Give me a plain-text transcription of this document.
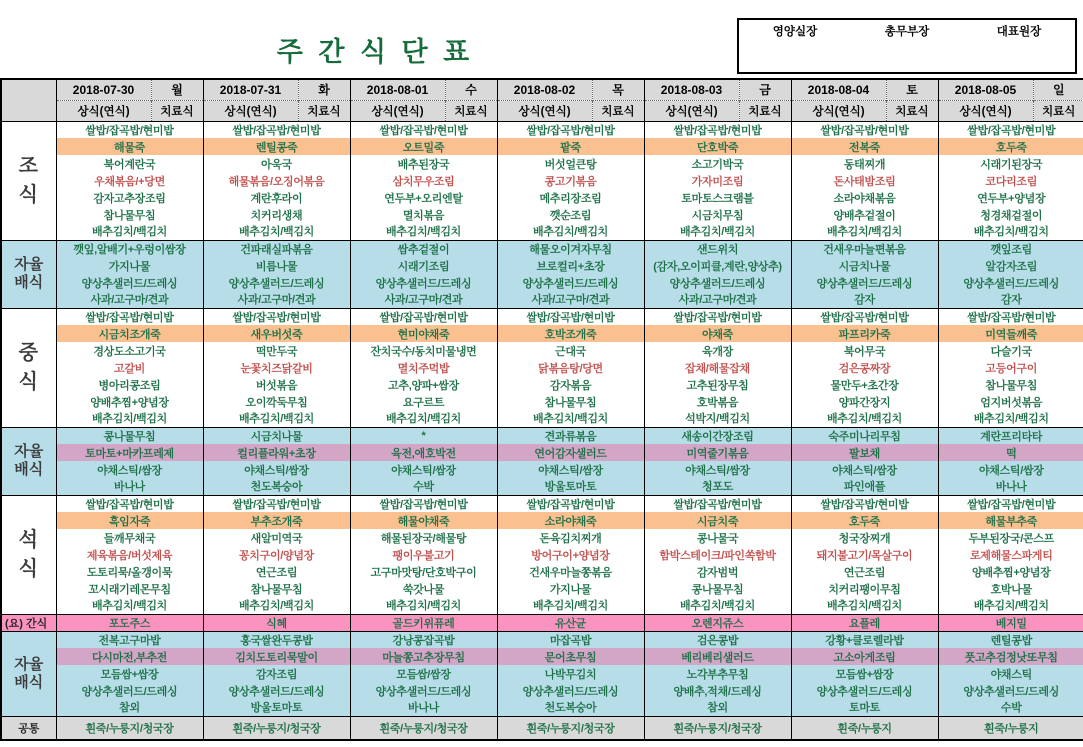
주 간 식 단 표
영양실장	총무부장	대표원장
	2018-07-30	월	2018-07-31	화	2018-08-01	수	2018-08-02	목	2018-08-03	금	2018-08-04	토	2018-08-05	일
	상식(연식)	치료식	상식(연식)	치료식	상식(연식)	치료식	상식(연식)	치료식	상식(연식)	치료식	상식(연식)	치료식	상식(연식)	치료식

조
식	쌀밥/잡곡밥/현미밥		쌀밥/잡곡밥/현미밥		쌀밥/잡곡밥/현미밥		쌀밥/잡곡밥/현미밥		쌀밥/잡곡밥/현미밥		쌀밥/잡곡밥/현미밥		쌀밥/잡곡밥/현미밥	
	해물죽		렌틸콩죽		오트밀죽		팥죽		단호박죽		전복죽		호두죽	
	북어계란국		아욱국		배추된장국		버섯얼큰탕		소고기박국		동태찌개		시래기된장국	
	우채볶음/+당면		해물볶음/오징어볶음		삼치무우조림		콩고기볶음		가자미조림		돈사태밤조림		코다리조림	
	감자고추장조림		계란후라이		연두부+오리엔탈		메추리장조림		토마토스크램블		소라야채볶음		연두부+양념장	
	참나물무침		치커리생채		멸치볶음		깻순조림		시금치무침		양배추겉절이		청경채겉절이	
	배추김치/백김치		배추김치/백김치		배추김치/백김치		배추김치/백김치		배추김치/백김치		배추김치/백김치		배추김치/백김치	

자율
배식	깻잎,알배기+우렁이쌈장		건파래실파볶음		쌈추겉절이		해물오이겨자무침		샌드위치		건새우마늘편볶음		깻잎조림	
	가지나물		비름나물		시래기조림		브로컬리+초장		(감자,오이피클,계란,양상추)		시금치나물		알감자조림	
	양상추샐러드/드레싱		양상추샐러드/드레싱		양상추샐러드/드레싱		양상추샐러드/드레싱		양상추샐러드/드레싱		양상추샐러드/드레싱		양상추샐러드/드레싱	
	사과/고구마/견과		사과/고구마/견과		사과/고구마/견과		사과/고구마/견과		사과/고구마/견과		감자		감자	

중
식	쌀밥/잡곡밥/현미밥		쌀밥/잡곡밥/현미밥		쌀밥/잡곡밥/현미밥		쌀밥/잡곡밥/현미밥		쌀밥/잡곡밥/현미밥		쌀밥/잡곡밥/현미밥		쌀밥/잡곡밥/현미밥	
	시금치조개죽		새우버섯죽		현미야채죽		호박조개죽		야채죽		파프리카죽		미역들깨죽	
	경상도소고기국		떡만두국		잔치국수/동치미물냉면		근대국		육개장		북어무국		다슬기국	
	고갈비		눈꽃치즈닭갈비		멸치주먹밥		닭볶음탕/당면		잡채/해물잡채		검은콩짜장		고등어구이	
	병아리콩조림		버섯볶음		고추,양파+쌈장		감자볶음		고추된장무침		물만두+초간장		참나물무침	
	양배추찜+양념장		오이깍둑무침		요구르트		참나물무침		호박볶음		양파간장지		엄지버섯볶음	
	배추김치/백김치		배추김치/백김치		배추김치/백김치		배추김치/백김치		석박지/백김치		배추김치/백김치		배추김치/백김치	

자율
배식	콩나물무침		시금치나물		*		견과류볶음		새송이간장조림		숙주미나리무침		계란프리타타	
	토마토+마카프레제		컬리플라워+초장		육전,애호박전		연어감자샐러드		미역줄기볶음		팔보채		떡	
	야채스틱/쌈장		야채스틱/쌈장		야채스틱/쌈장		야채스틱/쌈장		야채스틱/쌈장		야채스틱/쌈장		야채스틱/쌈장	
	바나나		천도복숭아		수박		방울토마토		청포도		파인애플		바나나	

석
식	쌀밥/잡곡밥/현미밥		쌀밥/잡곡밥/현미밥		쌀밥/잡곡밥/현미밥		쌀밥/잡곡밥/현미밥		쌀밥/잡곡밥/현미밥		쌀밥/잡곡밥/현미밥		쌀밥/잡곡밥/현미밥	
	흑임자죽		부추조개죽		해물야채죽		소라야채죽		시금치죽		호두죽		해물부추죽	
	들깨무채국		새알미역국		해물된장국/해물탕		돈육김치찌개		콩나물국		청국장찌개		두부된장국/콘스프	
	제육볶음/버섯제육		꽁치구이/양념장		팽이우불고기		방어구이+양념장		함박스테이크/파인쏙함박		돼지불고기/목살구이		로제해물스파게티	
	도토리묵/올갱이묵		연근조림		고구마맛탕/단호박구이		건새우마늘쫑볶음		감자범벅		연근조림		양배추찜+양념장	
	꼬시래기레몬무침		참나물무침		쑥갓나물		가지나물		콩나물무침		치커리팽이무침		호박나물	
	배추김치/백김치		배추김치/백김치		배추김치/백김치		배추김치/백김치		배추김치/백김치		배추김치/백김치		배추김치/백김치	

(요) 간식	포도주스		식혜		골드키위퓨레		유산균		오렌지쥬스		요플레		베지밀	

자율
배식	전복고구마밥		홍국쌀완두콩밥		강낭콩잡곡밥		마잡곡밥		검은콩밥		강황+클로렐라밥		렌틸콩밥	
	다시마전,부추전		김치도토리묵말이		마늘쫑고추장무침		문어초무침		베리베리샐러드		고소아게조림		풋고추검정낫또무침	
	모듬쌈+쌈장		감자조림		모듬쌈/쌈장		나박무김치		노각부추무침		모듬쌈+쌈장		야채스틱	
	양상추샐러드/드레싱		양상추샐러드/드레싱		양상추샐러드/드레싱		양상추샐러드/드레싱		양배추,적채/드레싱		양상추샐러드/드레싱		양상추샐러드/드레싱	
	참외		방울토마토		바나나		천도복숭아		참외		토마토		수박	

공통	흰죽/누룽지/청국장		흰죽/누룽지/청국장		흰죽/누룽지/청국장		흰죽/누룽지/청국장		흰죽/누룽지/청국장		흰죽/누룽지		흰죽/누룽지	
